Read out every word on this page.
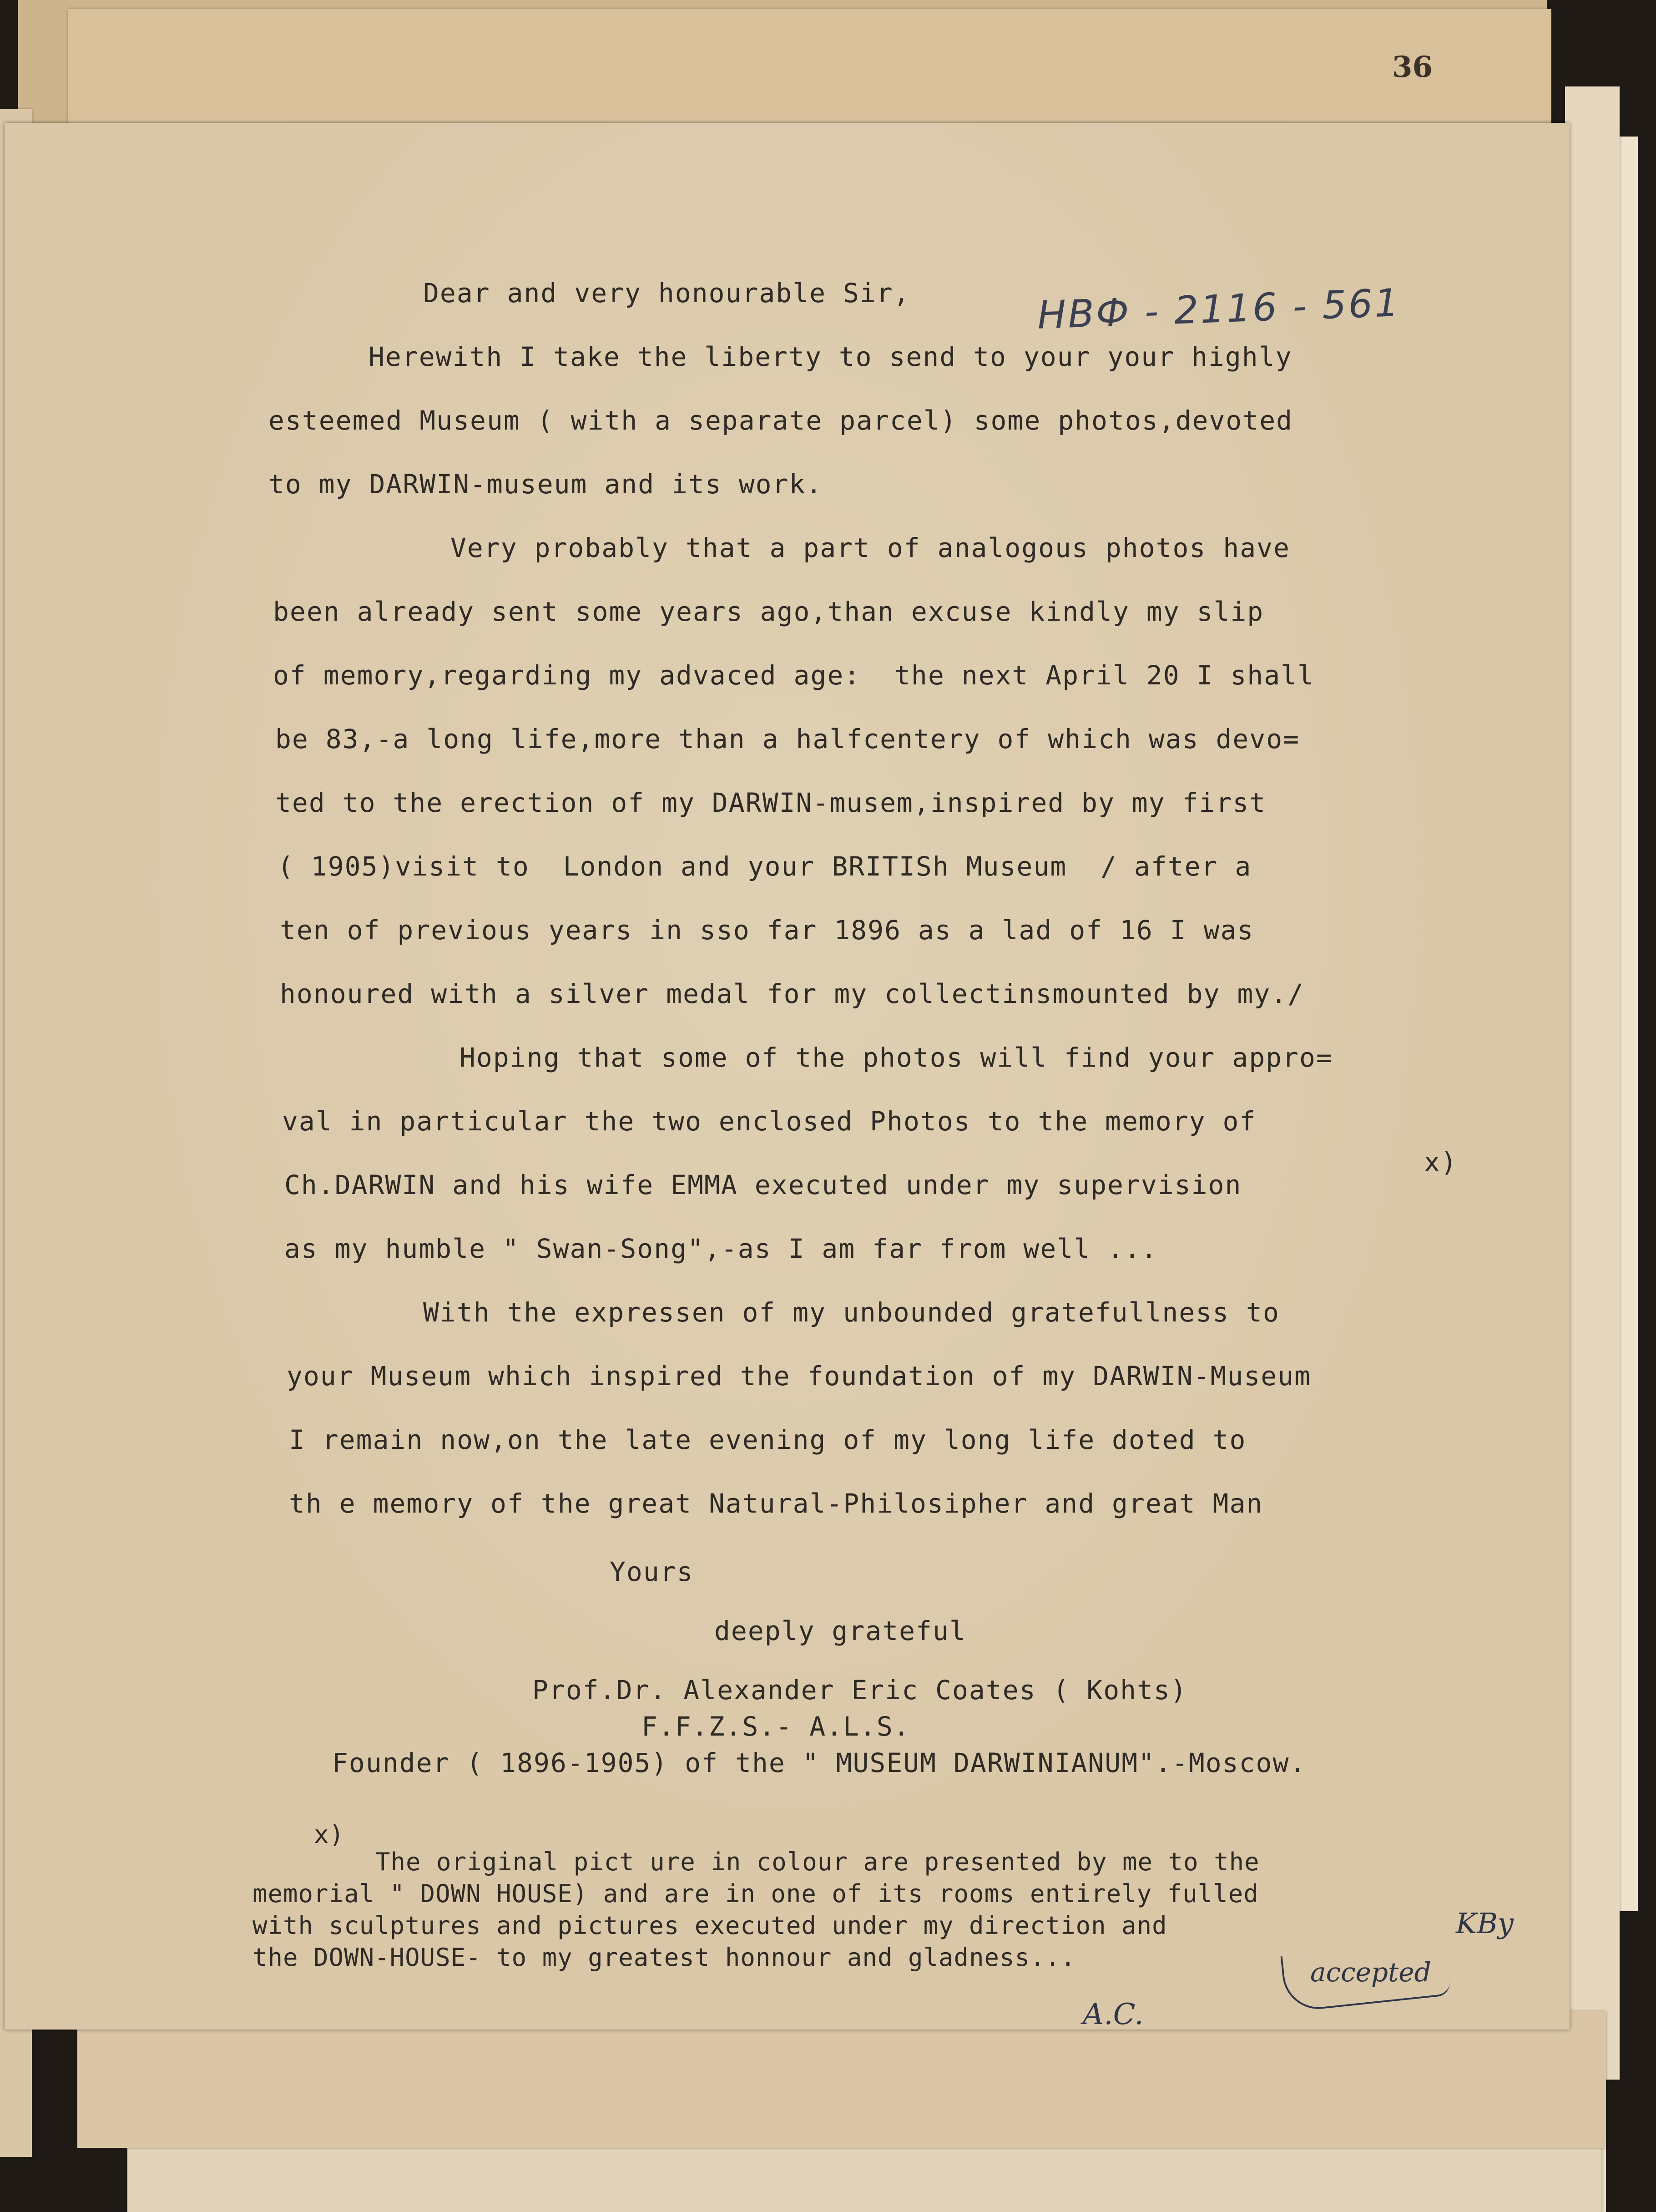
36
НВФ - 2116 - 561
Dear and very honourable Sir,
Herewith I take the liberty to send to your your highly
esteemed Museum ( with a separate parcel) some photos,devoted
to my DARWIN-museum and its work.
Very probably that a part of analogous photos have
been already sent some years ago,than excuse kindly my slip
of memory,regarding my advaced age:  the next April 20 I shall
be 83,-a long life,more than a halfcentery of which was devo=
ted to the erection of my DARWIN-musem,inspired by my first
( 1905)visit to  London and your BRITISh Museum  / after a
ten of previous years in sso far 1896 as a lad of 16 I was
honoured with a silver medal for my collectinsmounted by my./
Hoping that some of the photos will find your appro=
val in particular the two enclosed Photos to the memory of
x)
Ch.DARWIN and his wife EMMA executed under my supervision
as my humble " Swan-Song",-as I am far from well ...
With the expressen of my unbounded gratefullness to
your Museum which inspired the foundation of my DARWIN-Museum
I remain now,on the late evening of my long life doted to
th e memory of the great Natural-Philosipher and great Man
Yours
deeply grateful
Prof.Dr. Alexander Eric Coates ( Kohts)
F.F.Z.S.- A.L.S.
Founder ( 1896-1905) of the " MUSEUM DARWINIANUM".-Moscow.
x)
The original pict ure in colour are presented by me to the
memorial " DOWN HOUSE) and are in one of its rooms entirely fulled
with sculptures and pictures executed under my direction and
the DOWN-HOUSE- to my greatest honnour and gladness...
A.C.
accepted
KBy
